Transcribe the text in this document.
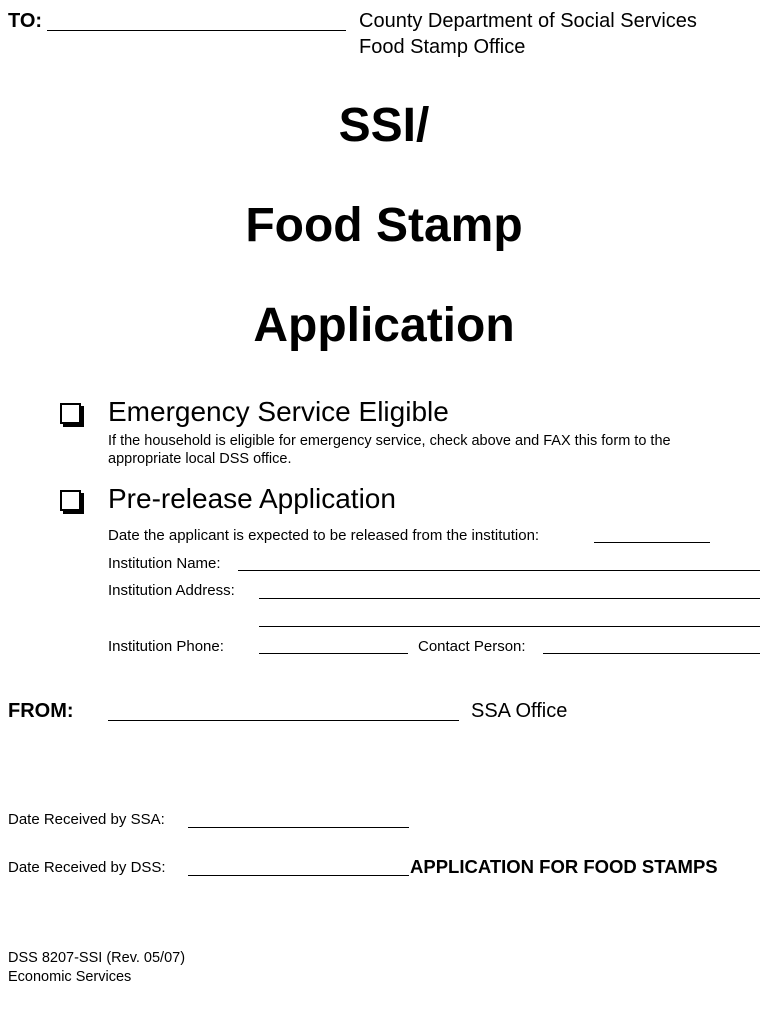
TO:	County Department of Social Services
Food Stamp Office
SSI/
Food Stamp
Application
Emergency Service Eligible
If the household is eligible for emergency service, check above and FAX this form to the
appropriate local DSS office.
Pre-release Application
Date the applicant is expected to be released from the institution:
Institution Name:
Institution Address:
Institution Phone:	Contact Person:
FROM:	SSA Office
Date Received by SSA:
Date Received by DSS:	APPLICATION FOR FOOD STAMPS
DSS 8207-SSI (Rev. 05/07)
Economic Services
